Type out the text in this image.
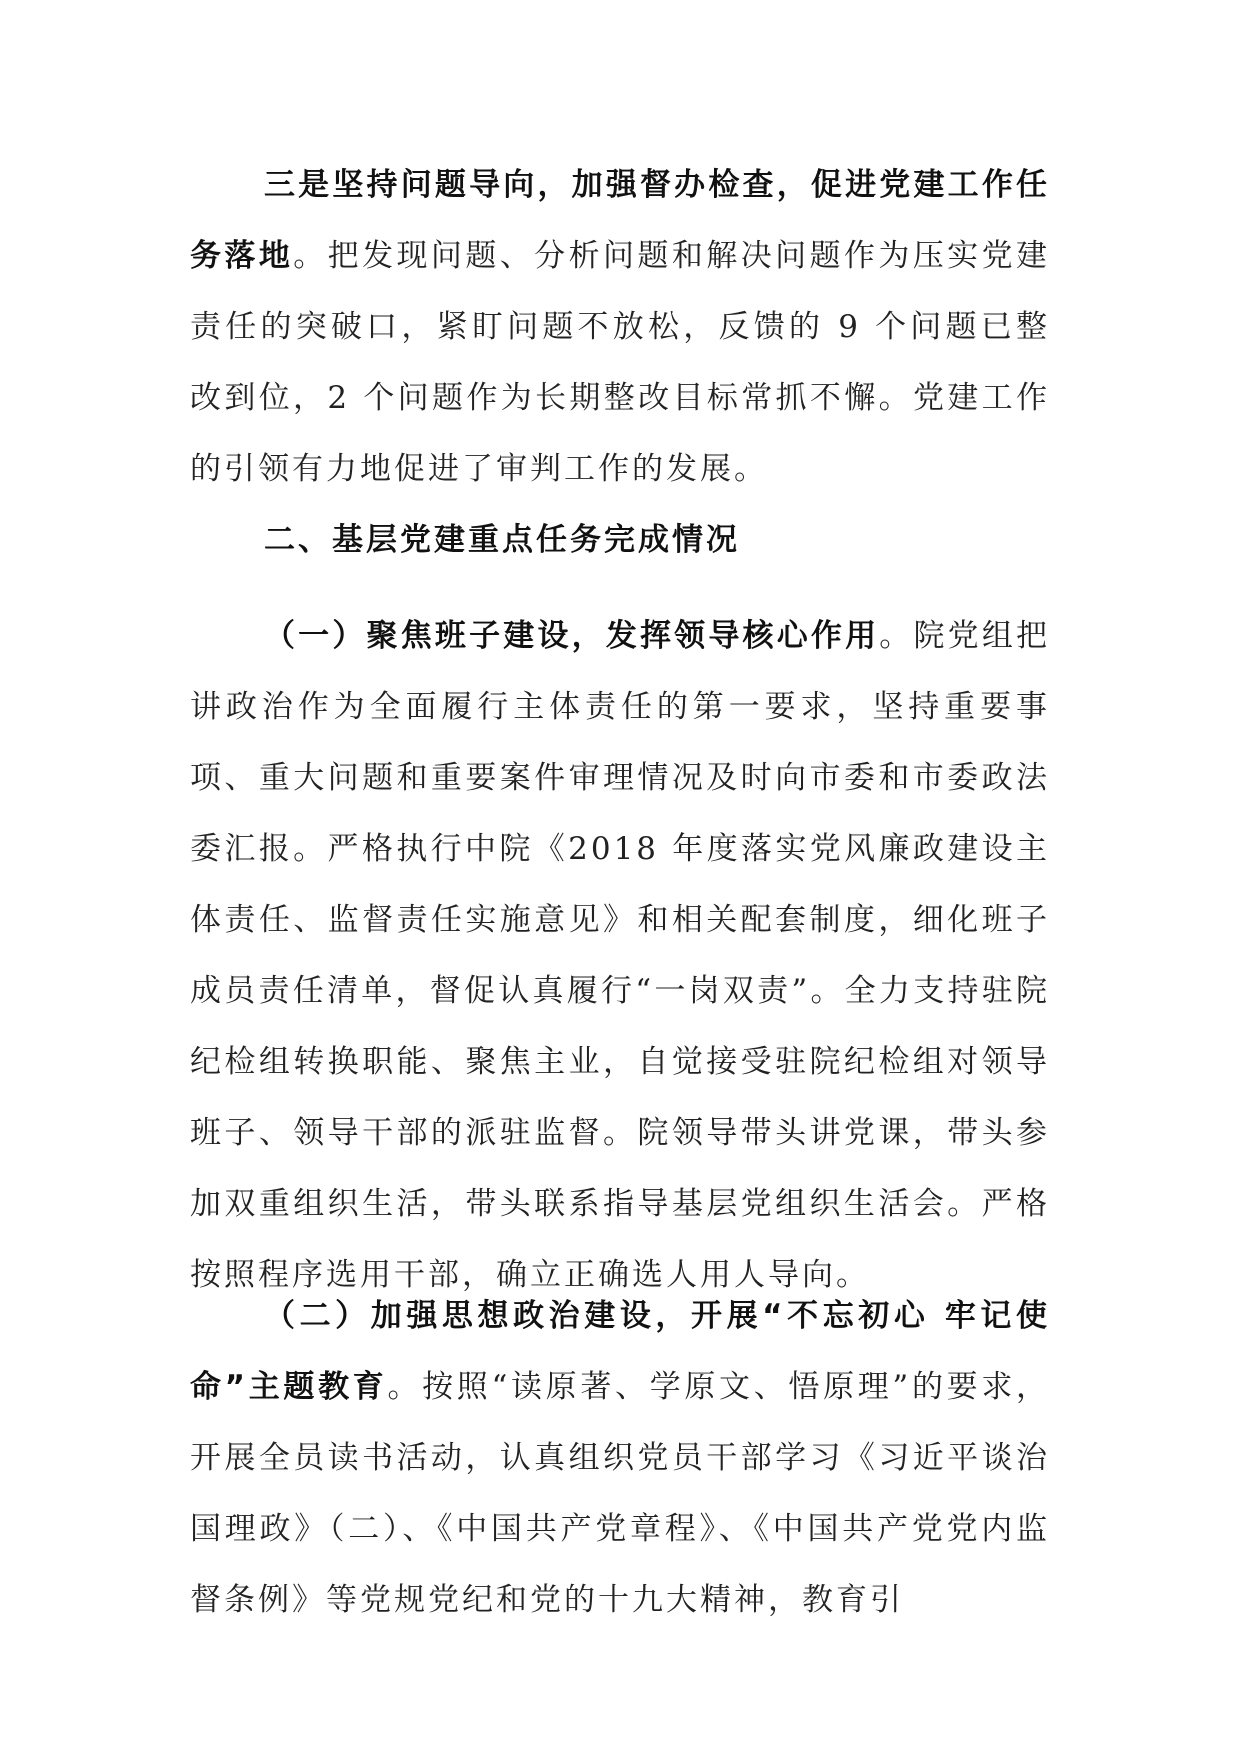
三是坚持问题导向，加强督办检查，促进党建工作任务落地。把发现问题、分析问题和解决问题作为压实党建责任的突破口，紧盯问题不放松，反馈的 9 个问题已整改到位，2 个问题作为长期整改目标常抓不懈。党建工作的引领有力地促进了审判工作的发展。

二、基层党建重点任务完成情况

（一）聚焦班子建设，发挥领导核心作用。院党组把讲政治作为全面履行主体责任的第一要求，坚持重要事项、重大问题和重要案件审理情况及时向市委和市委政法委汇报。严格执行中院《2018 年度落实党风廉政建设主体责任、监督责任实施意见》和相关配套制度，细化班子成员责任清单，督促认真履行“一岗双责”。全力支持驻院纪检组转换职能、聚焦主业，自觉接受驻院纪检组对领导班子、领导干部的派驻监督。院领导带头讲党课，带头参加双重组织生活，带头联系指导基层党组织生活会。严格按照程序选用干部，确立正确选人用人导向。

（二）加强思想政治建设，开展“不忘初心 牢记使命”主题教育。按照“读原著、学原文、悟原理”的要求，开展全员读书活动，认真组织党员干部学习《习近平谈治国理政》（二）、《中国共产党章程》、《中国共产党党内监督条例》等党规党纪和党的十九大精神，教育引
